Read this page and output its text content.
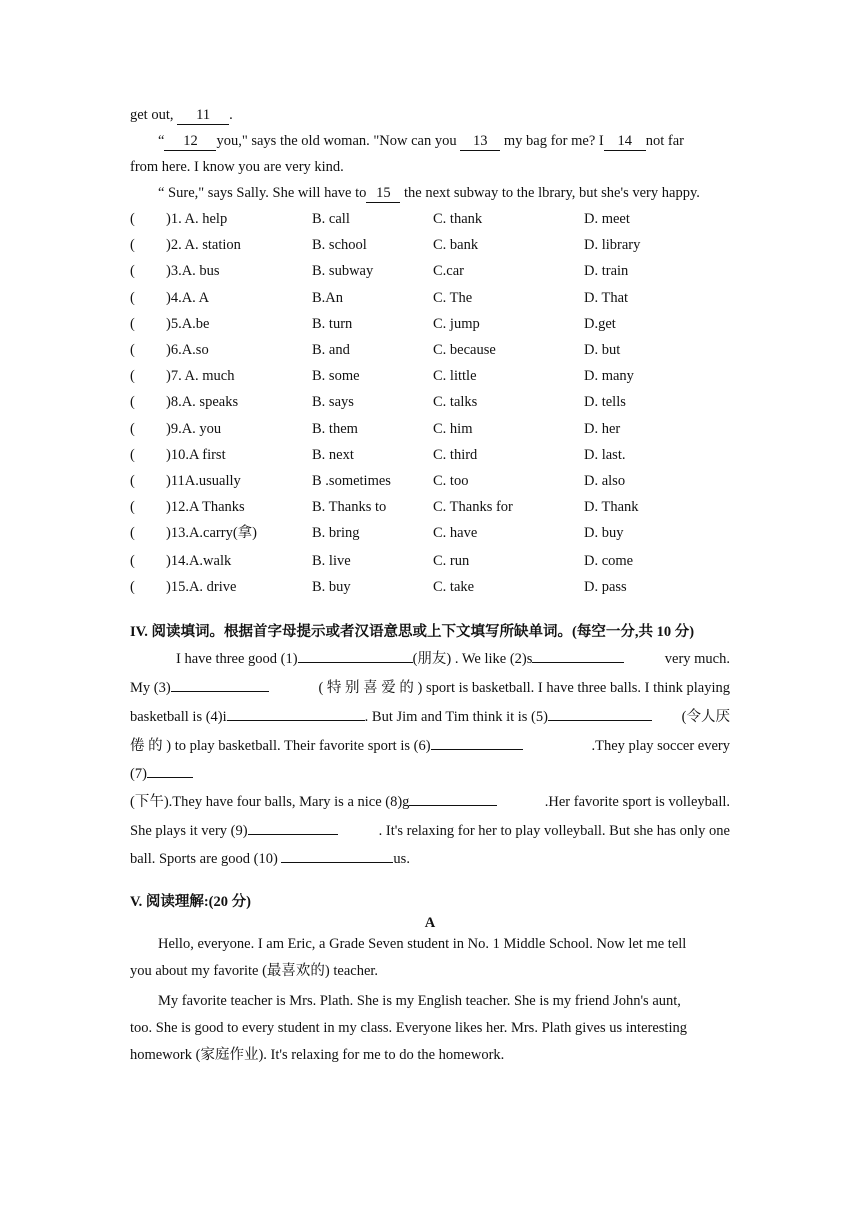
get out, 11 .
“ 12 you," says the old woman. "Now can you 13 my bag for me? I 14 not far
from here. I know you are very kind.
“ Sure," says Sally. She will have to 15 the next subway to the lbrary, but she's very happy.
(	)1. A. help	B. call	C. thank	D. meet
(	)2. A. station	B. school	C. bank	D. library
(	)3.A. bus	B. subway	C.car	D. train
(	)4.A. A	B.An	C. The	D. That
(	)5.A.be	B. turn	C. jump	D.get
(	)6.A.so	B. and	C. because	D. but
(	)7. A. much	B. some	C. little	D. many
(	)8.A. speaks	B. says	C. talks	D. tells
(	)9.A. you	B. them	C. him	D. her
(	)10.A first	B. next	C. third	D. last.
(	)11A.usually	B .sometimes	C. too	D. also
(	)12.A Thanks	B. Thanks to	C. Thanks for	D. Thank
(	)13.A.carry(拿)	B. bring	C. have	D. buy
(	)14.A.walk	B. live	C. run	D. come
(	)15.A. drive	B. buy	C. take	D. pass
IV. 阅读填词。根据首字母提示或者汉语意思或上下文填写所缺单词。(每空一分,共 10 分)
I have three good (1)	(朋友) . We like (2)s	very much.
My (3)	( 特 别 喜 爱 的 ) sport is basketball. I have three balls. I think playing
basketball is (4)i	. But Jim and Tim think it is (5)	(令人厌
倦 的 ) to play basketball. Their favorite sport is (6)	.They play soccer every
(7)
(下午).They have four balls, Mary is a nice (8)g	.Her favorite sport is volleyball.
She plays it very (9)	. It's relaxing for her to play volleyball. But she has only one
ball. Sports are good (10)	us.
V. 阅读理解:(20 分)
A
Hello, everyone. I am Eric, a Grade Seven student in No. 1 Middle School. Now let me tell
you about my favorite (最喜欢的) teacher.
My favorite teacher is Mrs. Plath. She is my English teacher. She is my friend John's aunt,
too. She is good to every student in my class. Everyone likes her. Mrs. Plath gives us interesting
homework (家庭作业). It's relaxing for me to do the homework.
